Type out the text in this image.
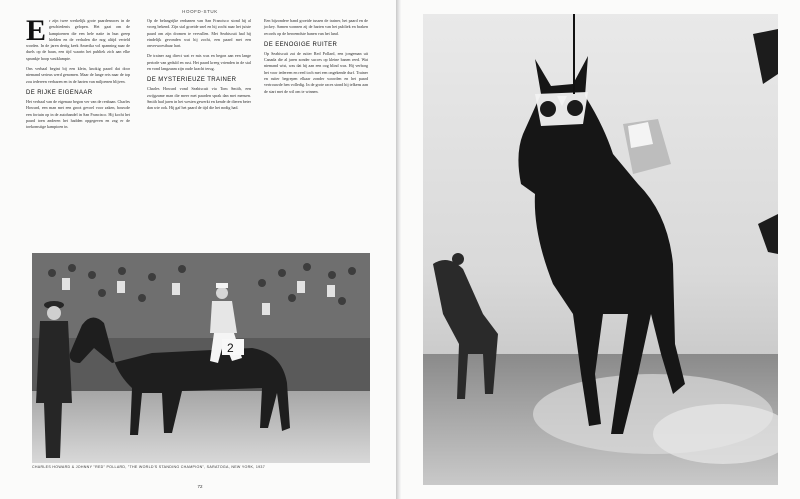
HOOFD-STUK

Er zijn twee werkelijk grote paardenraces in de geschiedenis gelopen. Het gaat om de kampioenen die een hele natie in hun greep hielden en de verhalen die nog altijd verteld worden. In de jaren dertig keek Amerika vol spanning naar de duels op de baan, een tijd waarin het publiek zich aan elke sprankje hoop vastklampte.

Ons verhaal begint bij een klein, knokig paard dat door niemand serieus werd genomen. Maar de lange reis naar de top zou iedereen verbazen en in de harten van miljoenen blijven.

DE RIJKE EIGENAAR

Het verhaal van de eigenaar begon ver van de renbaan. Charles Howard, een man met een groot gevoel voor zaken, bouwde een fortuin op in de autohandel in San Francisco. Hij kocht het paard toen anderen het hadden opgegeven en zag er de toekomstige kampioen in.

Op de belangrijke renbanen van San Francisco stond hij al vroeg bekend. Zijn stal groeide snel en hij zocht naar het juiste paard om zijn dromen te vervullen. Met Seabiscuit had hij eindelijk gevonden wat hij zocht, een paard met een onverwoestbaar hart.

De trainer zag direct wat er mis was en begon aan een lange periode van geduld en rust. Het paard kreeg vrienden in de stal en vond langzaam zijn oude kracht terug.

DE MYSTERIEUZE TRAINER

Charles Howard vond Seabiscuit via Tom Smith, een zwijgzame man die meer met paarden sprak dan met mensen. Smith had jaren in het westen gewerkt en kende de dieren beter dan wie ook. Hij gaf het paard de tijd die het nodig had.

Een bijzondere band groeide tussen de trainer, het paard en de jockey. Samen wonnen zij de harten van het publiek en braken records op de beroemdste banen van het land.

DE EENOGIGE RUITER

Op Seabiscuit zat de ruiter Red Pollard, een jongeman uit Canada die al jaren zonder succes op kleine banen reed. Wat niemand wist, was dat hij aan een oog blind was. Hij verborg het voor iedereen en reed toch met een ongekende durf. Trainer en ruiter begrepen elkaar zonder woorden en het paard vertrouwde hen volledig. In de grote races stond hij telkens aan de start met de wil om te winnen.

2
CHARLES HOWARD & JOHNNY "RED" POLLARD, "THE WORLD'S STANDING CHAMPION", SARATOGA, NEW YORK, 1937
72
